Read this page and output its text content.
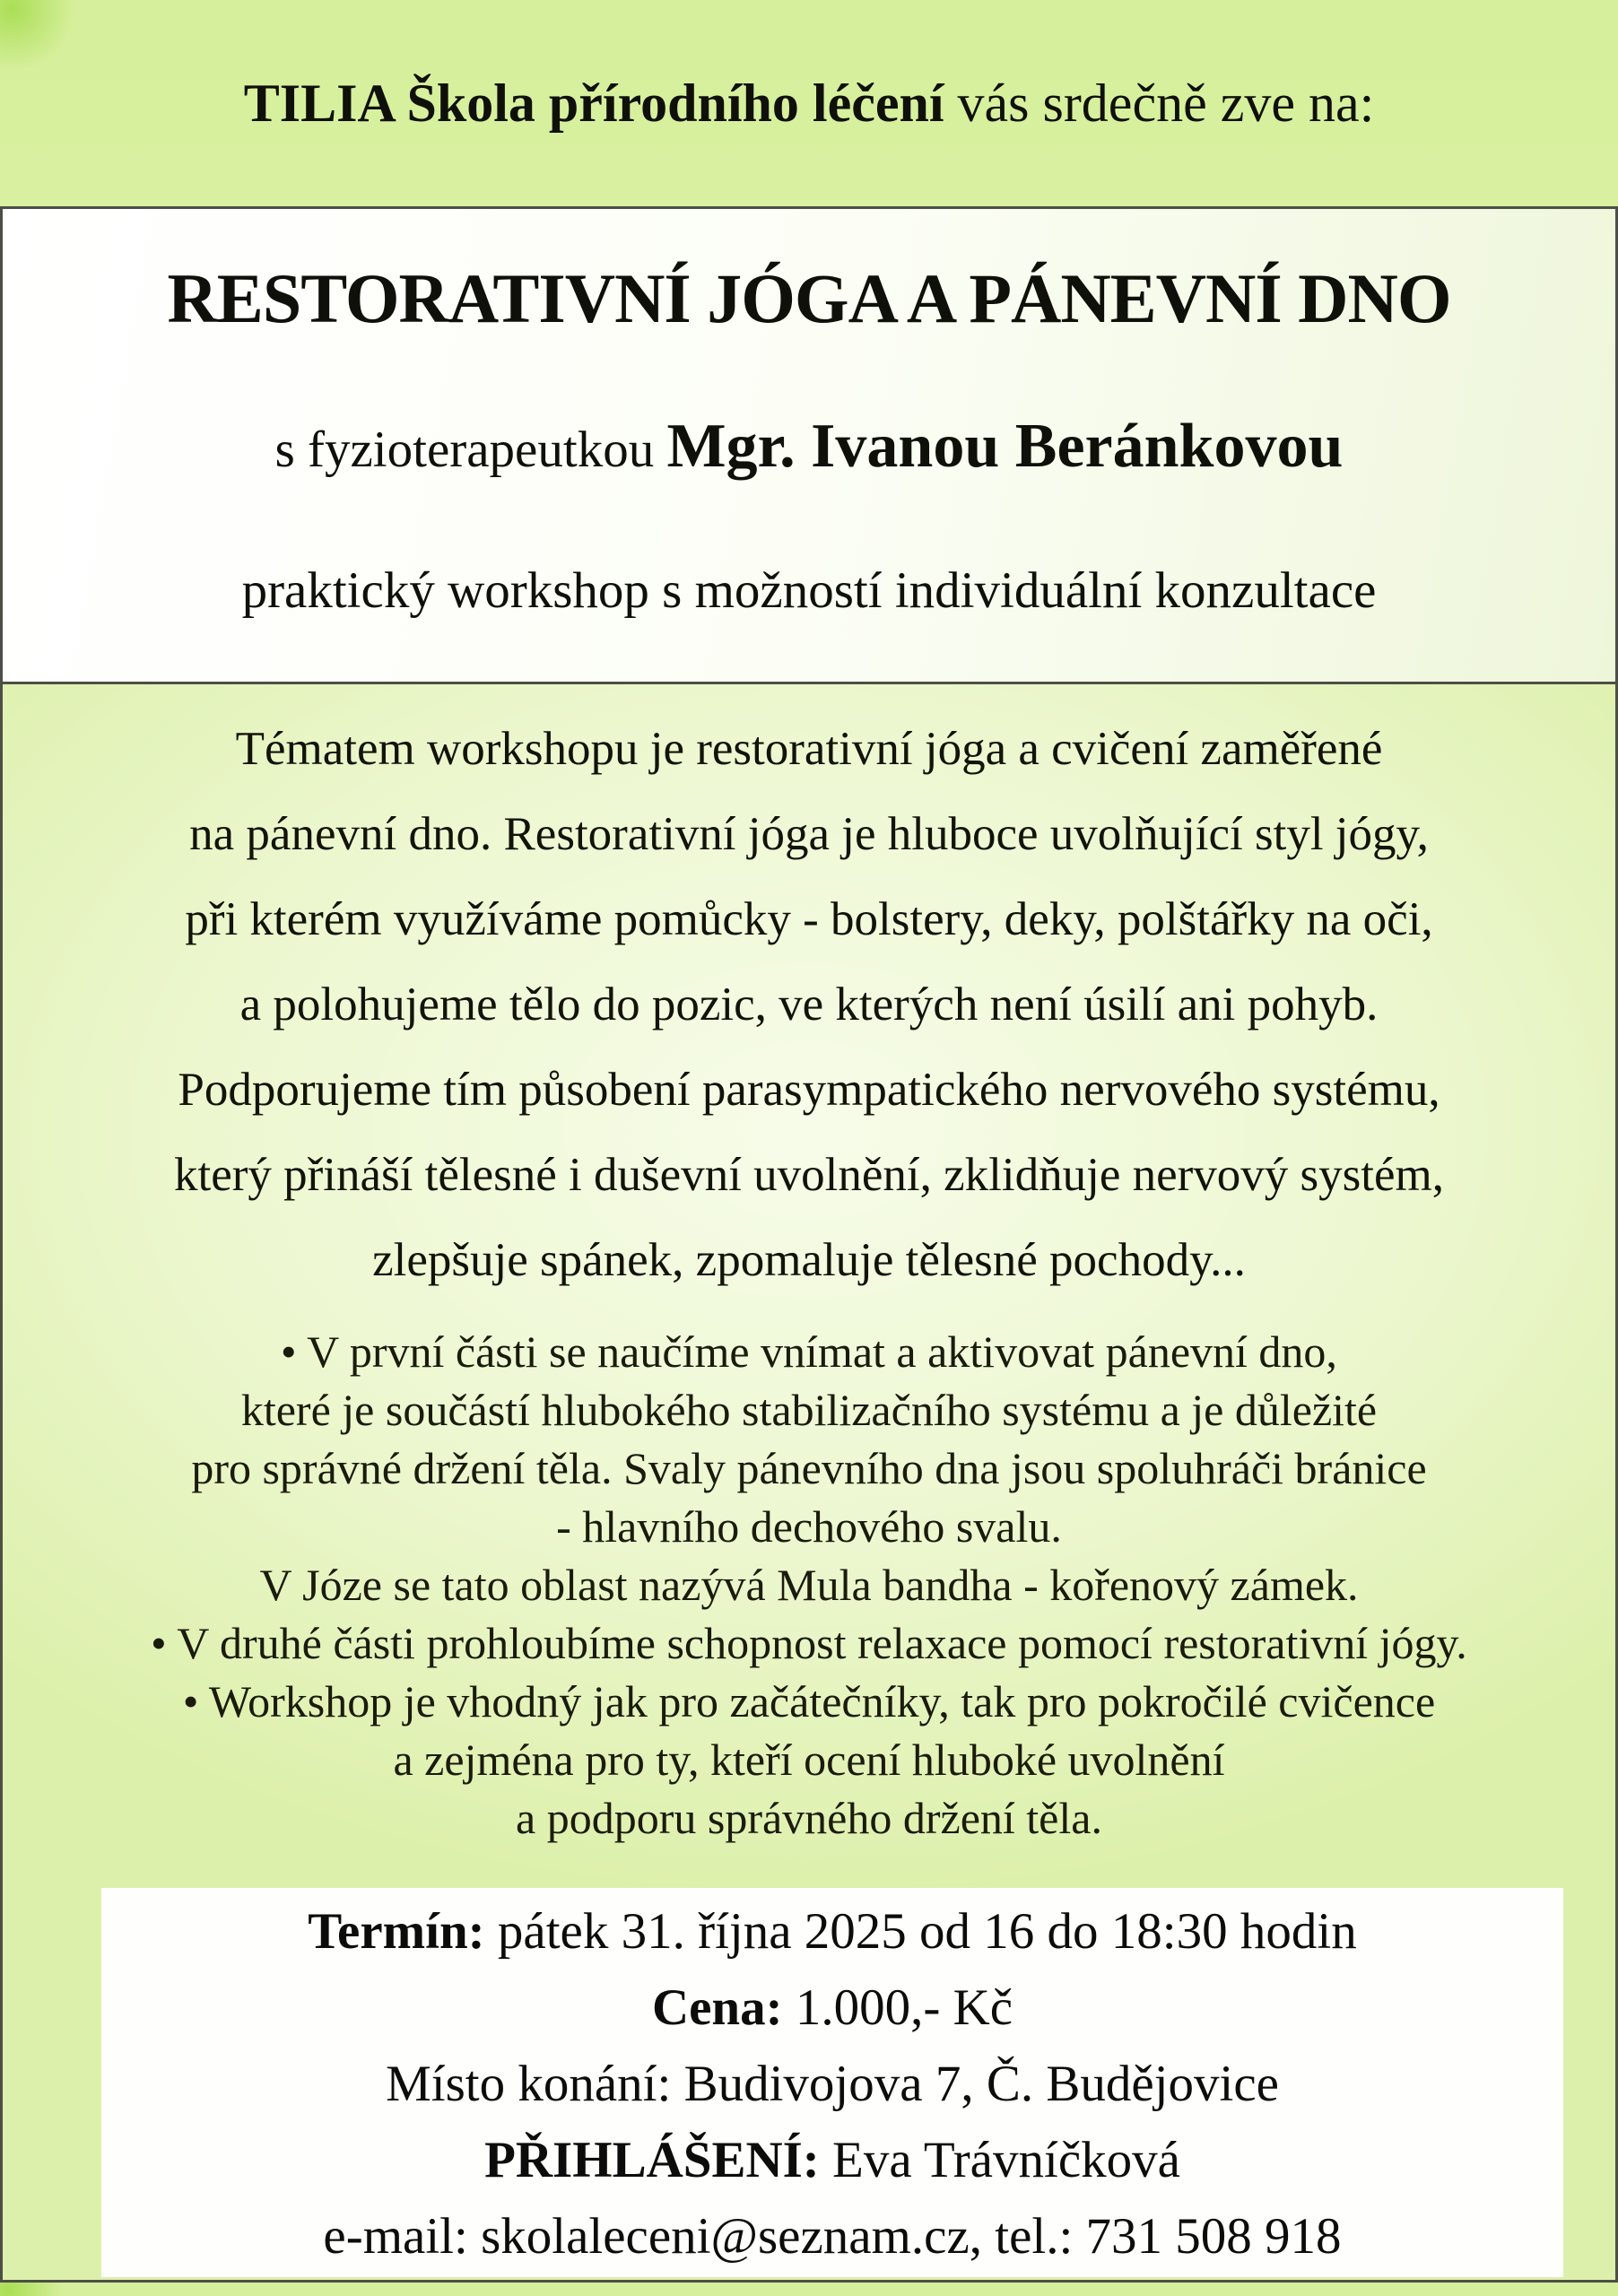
TILIA Škola přírodního léčení vás srdečně zve na:
RESTORATIVNÍ JÓGA A PÁNEVNÍ DNO
s fyzioterapeutkou Mgr. Ivanou Beránkovou
praktický workshop s možností individuální konzultace
Tématem workshopu je restorativní jóga a cvičení zaměřené
na pánevní dno. Restorativní jóga je hluboce uvolňující styl jógy,
při kterém využíváme pomůcky - bolstery, deky, polštářky na oči,
a polohujeme tělo do pozic, ve kterých není úsilí ani pohyb.
Podporujeme tím působení parasympatického nervového systému,
který přináší tělesné i duševní uvolnění, zklidňuje nervový systém,
zlepšuje spánek, zpomaluje tělesné pochody...
• V první části se naučíme vnímat a aktivovat pánevní dno,
které je součástí hlubokého stabilizačního systému a je důležité
pro správné držení těla. Svaly pánevního dna jsou spoluhráči bránice
- hlavního dechového svalu.
V Józe se tato oblast nazývá Mula bandha - kořenový zámek.
• V druhé části prohloubíme schopnost relaxace pomocí restorativní jógy.
• Workshop je vhodný jak pro začátečníky, tak pro pokročilé cvičence
a zejména pro ty, kteří ocení hluboké uvolnění
a podporu správného držení těla.
Termín: pátek 31. října 2025 od 16 do 18:30 hodin
Cena: 1.000,- Kč
Místo konání: Budivojova 7, Č. Budějovice
PŘIHLÁŠENÍ: Eva Trávníčková
e-mail: skolaleceni@seznam.cz, tel.: 731 508 918
